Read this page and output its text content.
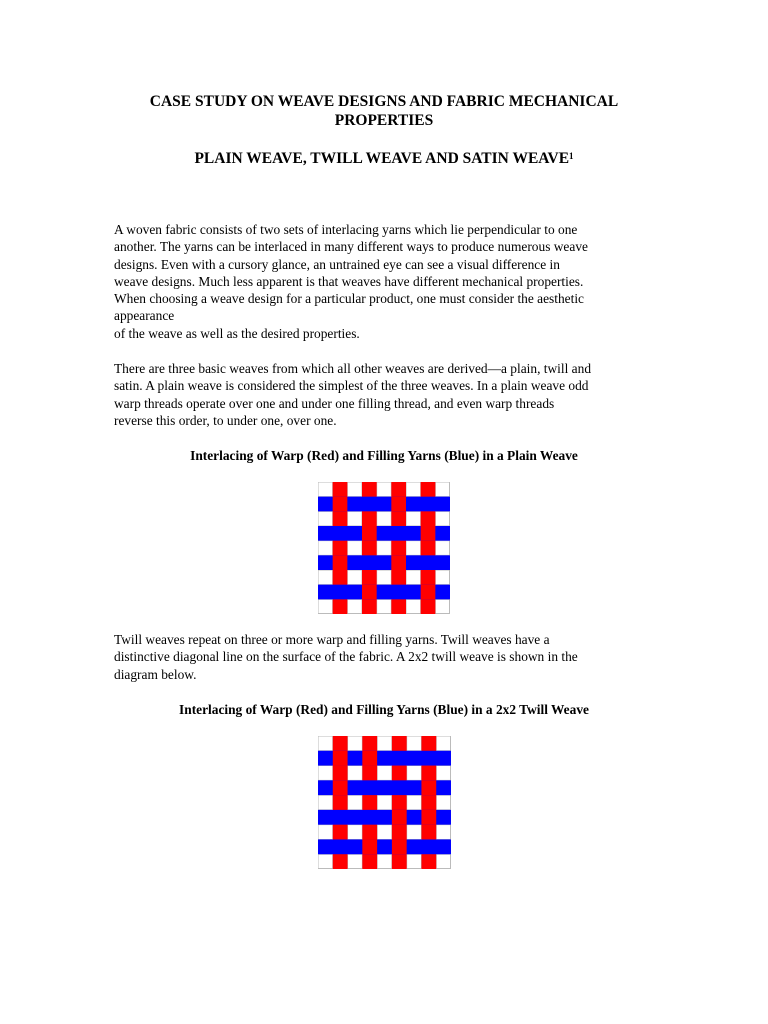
CASE STUDY ON WEAVE DESIGNS AND FABRIC MECHANICAL PROPERTIES
PLAIN WEAVE, TWILL WEAVE AND SATIN WEAVE$^1$
A woven fabric consists of two sets of interlacing yarns which lie perpendicular to one
another. The yarns can be interlaced in many different ways to produce numerous weave
designs. Even with a cursory glance, an untrained eye can see a visual difference in
weave designs. Much less apparent is that weaves have different mechanical properties.
When choosing a weave design for a particular product, one must consider the aesthetic
appearance
of the weave as well as the desired properties.
There are three basic weaves from which all other weaves are derived—a plain, twill and
satin. A plain weave is considered the simplest of the three weaves. In a plain weave odd
warp threads operate over one and under one filling thread, and even warp threads
reverse this order, to under one, over one.
Interlacing of Warp (Red) and Filling Yarns (Blue) in a Plain Weave
Twill weaves repeat on three or more warp and filling yarns. Twill weaves have a
distinctive diagonal line on the surface of the fabric. A 2x2 twill weave is shown in the
diagram below.
Interlacing of Warp (Red) and Filling Yarns (Blue) in a 2x2 Twill Weave
